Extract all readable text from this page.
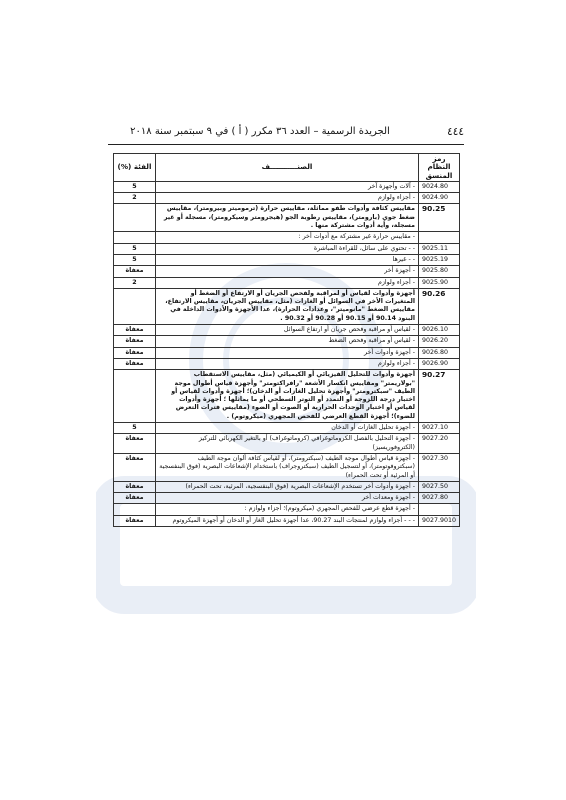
٤٤٤
الجريدة الرسمية – العدد ٣٦ مكرر ( أ ) في ٩ سبتمبر سنة ٢٠١٨
رمز النظام المنسق	الصنـــــــــــف	الفئة (%)
9024.80	- آلات وأجهزة آخر	5
9024.90	- أجزاء ولوازم	2
90.25	مقاييس كثافة وأدوات طفو مماثلة، مقاييس حرارة (ترموميتر وبيرومتر)، مقاييس ضغط جوي (بارومتر)، مقاييس رطوبة الجو (هيجرومتر وسيكرومتر)، مسجلة أو غير مسجلة، وأية أدوات مشتركة منها .	
	- مقاييس حرارة غير مشتركة مع أدوات أخر :	
9025.11	- - تحتوي على سائل، للقراءة المباشرة	5
9025.19	- - غيرها	5
9025.80	- أجهزة أخر	معفاة
9025.90	- أجزاء ولوازم	2
90.26	أجهزة وأدوات لقياس أو لمراقبة ولفحص الجريان أو الارتفاع أو الضغط أو المتغيرات الأخر في السوائل أو الغازات (مثل، مقاييس الجريان، مقاييس الارتفاع، مقاييس الضغط "مانوميتر"، وعدادات الحرارة)، عدا الأجهزة والأدوات الداخلة في البنود 90.14 أو 90.15 أو 90.28 أو 90.32 .	
9026.10	- لقياس أو مراقبة وفحص جريان أو ارتفاع السوائل	معفاة
9026.20	- لقياس أو مراقبة وفحص الضغط	معفاة
9026.80	- أجهزة وأدوات أخر	معفاة
9026.90	- أجزاء ولوازم	معفاة
90.27	أجهزة وأدوات للتحليل الفيزيائي أو الكيميائي (مثل، مقاييس الاستقطاب "بولاريمتر" ومقاييس انكسار الأشعة "رافراكتومتر" وأجهزة قياس أطوال موجة الطيف "سبكترومتر" وأجهزة تحليل الغازات أو الدخان)؛ أجهزة وأدوات لقياس أو اختبار درجة اللزوجة أو التمدد أو التوتر السطحي أو ما يماثلها ؛ أجهزة وأدوات لقياس أو اختبار الوحدات الحرارية أو الصوت أو الضوء (مقاييس فترات التعرض للضوء)؛ أجهزة القطع العرضي للفحص المجهري (ميكروتوم) .	
9027.10	- أجهزة تحليل الغازات أو الدخان	5
9027.20	- أجهزة التحليل بالفصل الكروماتوغرافي (كروماتوغراف) أو بالتغير الكهربائي للتركيز (الكتروفوريسيز)	معفاة
9027.30	- أجهزة قياس أطوال موجة الطيف (سبكترومتر)، أو لقياس كثافة ألوان موجة الطيف (سبكتروفوتومتر)، أو لتسجيل الطيف (سبكتروجراف) باستخدام الإشعاعات البصرية (فوق البنفسجية أو المرئية أو تحت الحمراء)	معفاة
9027.50	- أجهزة وأدوات أخر تستخدم الإشعاعات البصرية (فوق البنفسجية، المرئية، تحت الحمراء)	معفاة
9027.80	- أجهزة ومعدات أخر	معفاة
	- أجهزة قطع عرضي للفحص المجهري (ميكروتوم)؛ أجزاء ولوازم :	
9027.9010	- - - أجزاء ولوازم لمنتجات البند 90.27، عدا أجهزة تحليل الغاز أو الدخان أو أجهزة الميكروتوم	معفاة
